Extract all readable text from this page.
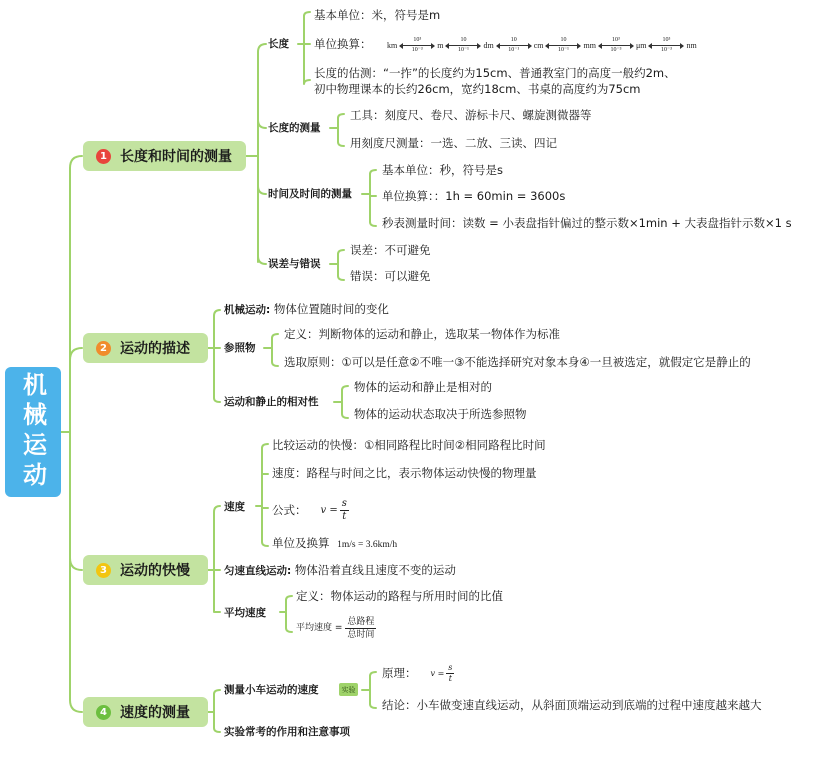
机械运动
1 长度和时间的测量
2 运动的描述
3 运动的快慢
4 速度的测量
长度
基本单位：米，符号是m
单位换算： km
10³
10⁻³ m
10
10⁻¹ dm
10
10⁻¹ cm
10
10⁻¹ mm
10³
10⁻³ μm
10³
10⁻³ nm
长度的估测：“一拃”的长度约为15cm、普通教室门的高度一般约2m、
初中物理课本的长约26cm，宽约18cm、书桌的高度约为75cm
长度的测量
工具：刻度尺、卷尺、游标卡尺、螺旋测微器等
用刻度尺测量：一选、二放、三读、四记
时间及时间的测量
基本单位：秒，符号是s
单位换算：：1h = 60min = 3600s
秒表测量时间：读数 = 小表盘指针偏过的整示数×1min + 大表盘指针示数×1 s
误差与错误
误差：不可避免
错误：可以避免
机械运动: 物体位置随时间的变化
参照物
定义：判断物体的运动和静止，选取某一物体作为标准
选取原则：①可以是任意②不唯一③不能选择研究对象本身④一旦被选定，就假定它是静止的
运动和静止的相对性
物体的运动和静止是相对的
物体的运动状态取决于所选参照物
速度
比较运动的快慢：①相同路程比时间②相同路程比时间
速度：路程与时间之比，表示物体运动快慢的物理量
公式： $v = \frac{s}{t}$
单位及换算 1m/s = 3.6km/h
匀速直线运动: 物体沿着直线且速度不变的运动
平均速度
定义：物体运动的路程与所用时间的比值
平均速度 = $\frac{\text{总路程}}{\text{总时间}}$
测量小车运动的速度	实验
原理： $v = \frac{s}{t}$
结论：小车做变速直线运动，从斜面顶端运动到底端的过程中速度越来越大
实验常考的作用和注意事项
